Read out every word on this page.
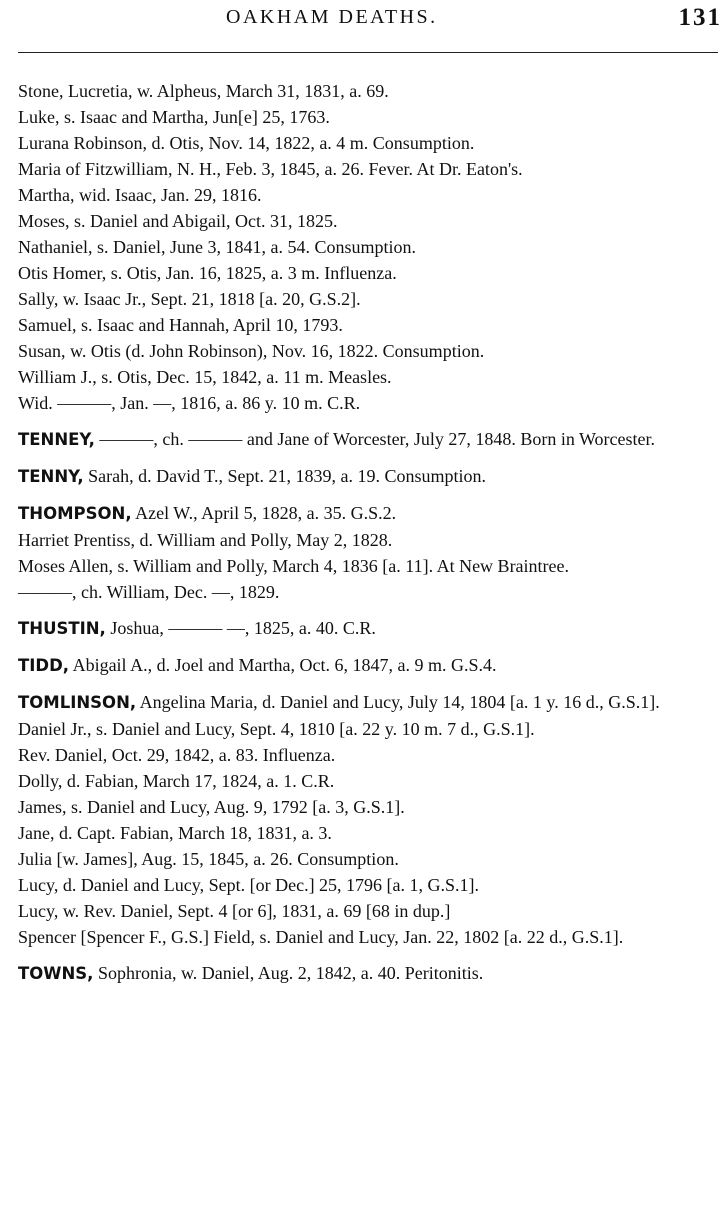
OAKHAM DEATHS.	131
Stone, Lucretia, w. Alpheus, March 31, 1831, a. 69.
Luke, s. Isaac and Martha, Jun[e] 25, 1763.
Lurana Robinson, d. Otis, Nov. 14, 1822, a. 4 m. Consumption.
Maria of Fitzwilliam, N. H., Feb. 3, 1845, a. 26. Fever. At Dr. Eaton's.
Martha, wid. Isaac, Jan. 29, 1816.
Moses, s. Daniel and Abigail, Oct. 31, 1825.
Nathaniel, s. Daniel, June 3, 1841, a. 54. Consumption.
Otis Homer, s. Otis, Jan. 16, 1825, a. 3 m. Influenza.
Sally, w. Isaac Jr., Sept. 21, 1818 [a. 20, G.S.2].
Samuel, s. Isaac and Hannah, April 10, 1793.
Susan, w. Otis (d. John Robinson), Nov. 16, 1822. Consumption.
William J., s. Otis, Dec. 15, 1842, a. 11 m. Measles.
Wid. ———, Jan. —, 1816, a. 86 y. 10 m. C.R.
TENNEY, ———, ch. ——— and Jane of Worcester, July 27, 1848. Born in Worcester.
TENNY, Sarah, d. David T., Sept. 21, 1839, a. 19. Consumption.
THOMPSON, Azel W., April 5, 1828, a. 35. G.S.2.
Harriet Prentiss, d. William and Polly, May 2, 1828.
Moses Allen, s. William and Polly, March 4, 1836 [a. 11]. At New Braintree.
———, ch. William, Dec. —, 1829.
THUSTIN, Joshua, ——— —, 1825, a. 40. C.R.
TIDD, Abigail A., d. Joel and Martha, Oct. 6, 1847, a. 9 m. G.S.4.
TOMLINSON, Angelina Maria, d. Daniel and Lucy, July 14, 1804 [a. 1 y. 16 d., G.S.1].
Daniel Jr., s. Daniel and Lucy, Sept. 4, 1810 [a. 22 y. 10 m. 7 d., G.S.1].
Rev. Daniel, Oct. 29, 1842, a. 83. Influenza.
Dolly, d. Fabian, March 17, 1824, a. 1. C.R.
James, s. Daniel and Lucy, Aug. 9, 1792 [a. 3, G.S.1].
Jane, d. Capt. Fabian, March 18, 1831, a. 3.
Julia [w. James], Aug. 15, 1845, a. 26. Consumption.
Lucy, d. Daniel and Lucy, Sept. [or Dec.] 25, 1796 [a. 1, G.S.1].
Lucy, w. Rev. Daniel, Sept. 4 [or 6], 1831, a. 69 [68 in dup.]
Spencer [Spencer F., G.S.] Field, s. Daniel and Lucy, Jan. 22, 1802 [a. 22 d., G.S.1].
TOWNS, Sophronia, w. Daniel, Aug. 2, 1842, a. 40. Peritonitis.
